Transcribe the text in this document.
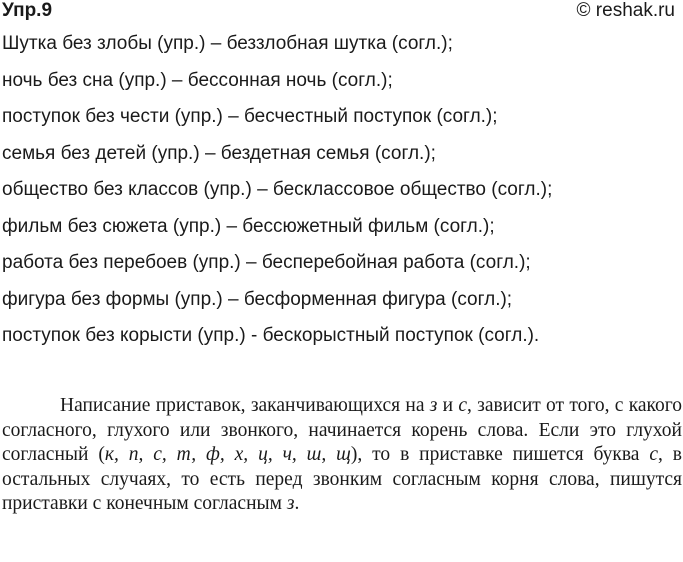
Упр.9	© reshak.ru
Шутка без злобы (упр.) – беззлобная шутка (согл.);
ночь без сна (упр.) – бессонная ночь (согл.);
поступок без чести (упр.) – бесчестный поступок (согл.);
семья без детей (упр.) – бездетная семья (согл.);
общество без классов (упр.) – бесклассовое общество (согл.);
фильм без сюжета (упр.) – бессюжетный фильм (согл.);
работа без перебоев (упр.) – бесперебойная работа (согл.);
фигура без формы (упр.) – бесформенная фигура (согл.);
поступок без корысти (упр.) - бескорыстный поступок (согл.).
Написание приставок, заканчивающихся на з и с, зависит от того, с какого согласного, глухого или звонкого, начинается корень слова. Если это глухой согласный (к, п, с, т, ф, х, ц, ч, ш, щ), то в приставке пишется буква с, в остальных случаях, то есть перед звонким согласным корня слова, пишутся приставки с конечным согласным з.
